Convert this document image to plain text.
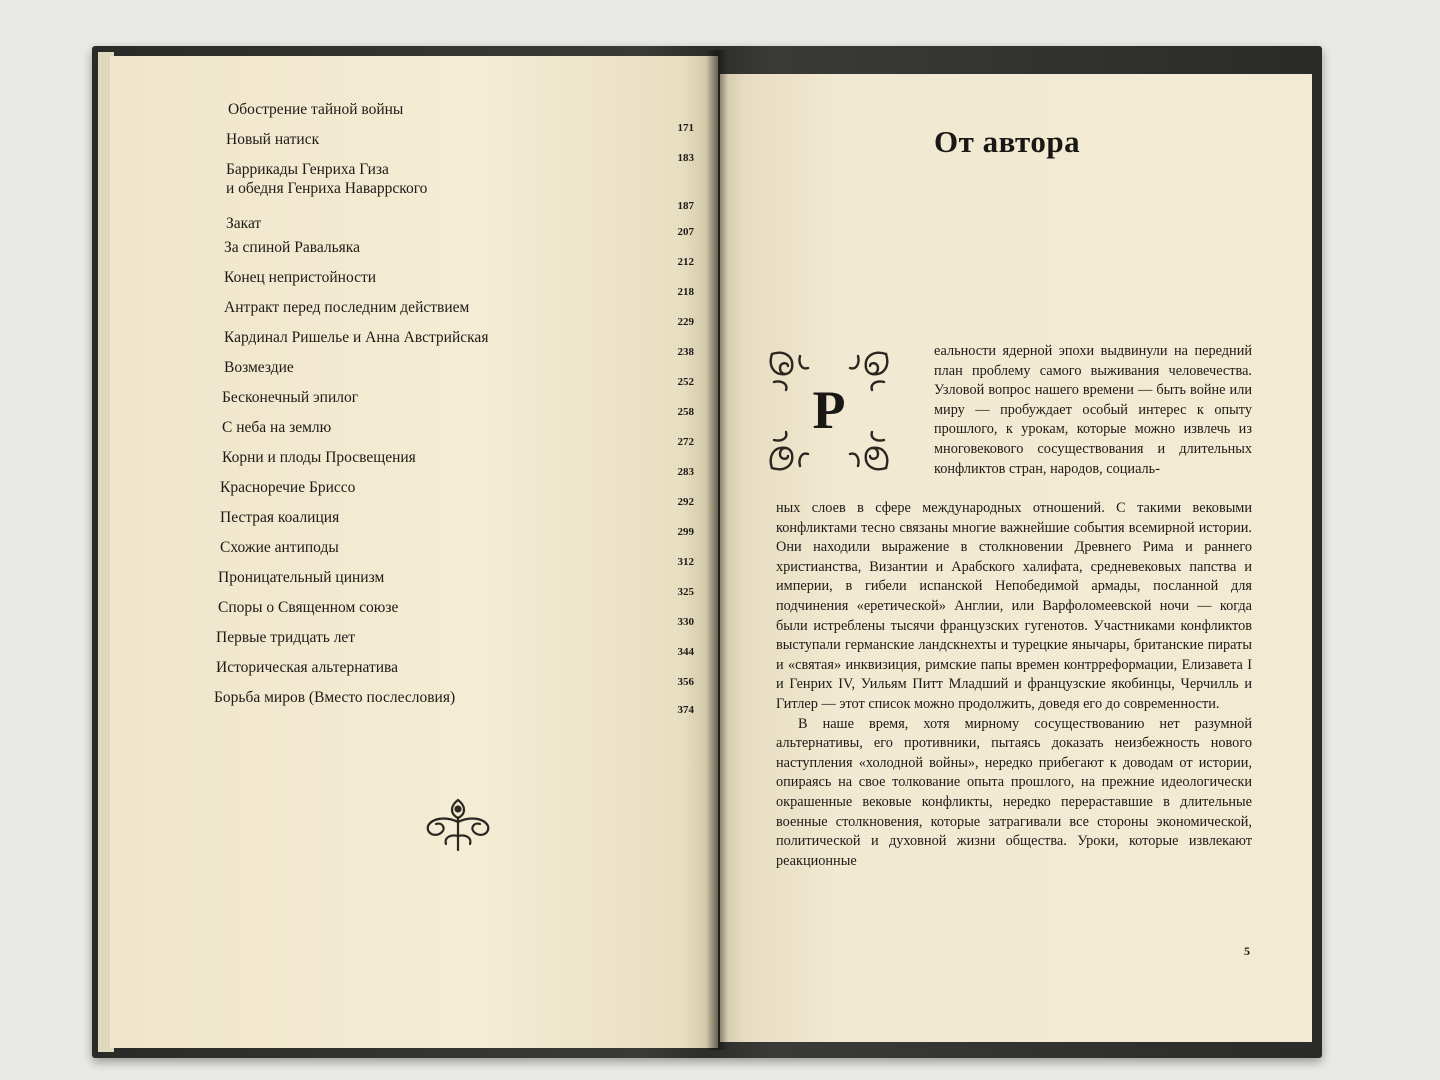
Обострение тайной войны
171
Новый натиск
183
Баррикады Генриха Гиза
и обедня Генриха Наваррского
187
Закат	207
За спиной Равальяка
212
Конец непристойности
218
Антракт перед последним действием
229
Кардинал Ришелье и Анна Австрийская
238
Возмездие
252
Бесконечный эпилог
258
С неба на землю
272
Корни и плоды Просвещения
283
Красноречие Бриссо
292
Пестрая коалиция
299
Схожие антиподы
312
Проницательный цинизм
325
Споры о Священном союзе
330
Первые тридцать лет
344
Историческая альтернатива
356
Борьба миров (Вместо послесловия)
374
От автора
Р
еальности ядерной эпохи выдвинули на передний план проблему самого выживания человечества. Узловой вопрос нашего времени — быть войне или миру — пробуждает особый интерес к опыту прошлого, к урокам, которые можно извлечь из многовекового сосуществования и длительных конфликтов стран, народов, социаль-

ных слоев в сфере международных отношений. С такими вековыми конфликтами тесно связаны многие важнейшие события всемирной истории. Они находили выражение в столкновении Древнего Рима и раннего христианства, Византии и Арабского халифата, средневековых папства и империи, в гибели испанской Непобедимой армады, посланной для подчинения «еретической» Англии, или Варфоломеевской ночи — когда были истреблены тысячи французских гугенотов. Участниками конфликтов выступали германские ландскнехты и турецкие янычары, британские пираты и «святая» инквизиция, римские папы времен контрреформации, Елизавета I и Генрих IV, Уильям Питт Младший и французские якобинцы, Черчилль и Гитлер — этот список можно продолжить, доведя его до современности.

В наше время, хотя мирному сосуществованию нет разумной альтернативы, его противники, пытаясь доказать неизбежность нового наступления «холодной войны», нередко прибегают к доводам от истории, опираясь на свое толкование опыта прошлого, на прежние идеологически окрашенные вековые конфликты, нередко перераставшие в длительные военные столкновения, которые затрагивали все стороны экономической, политической и духовной жизни общества. Уроки, которые извлекают реакционные

5
